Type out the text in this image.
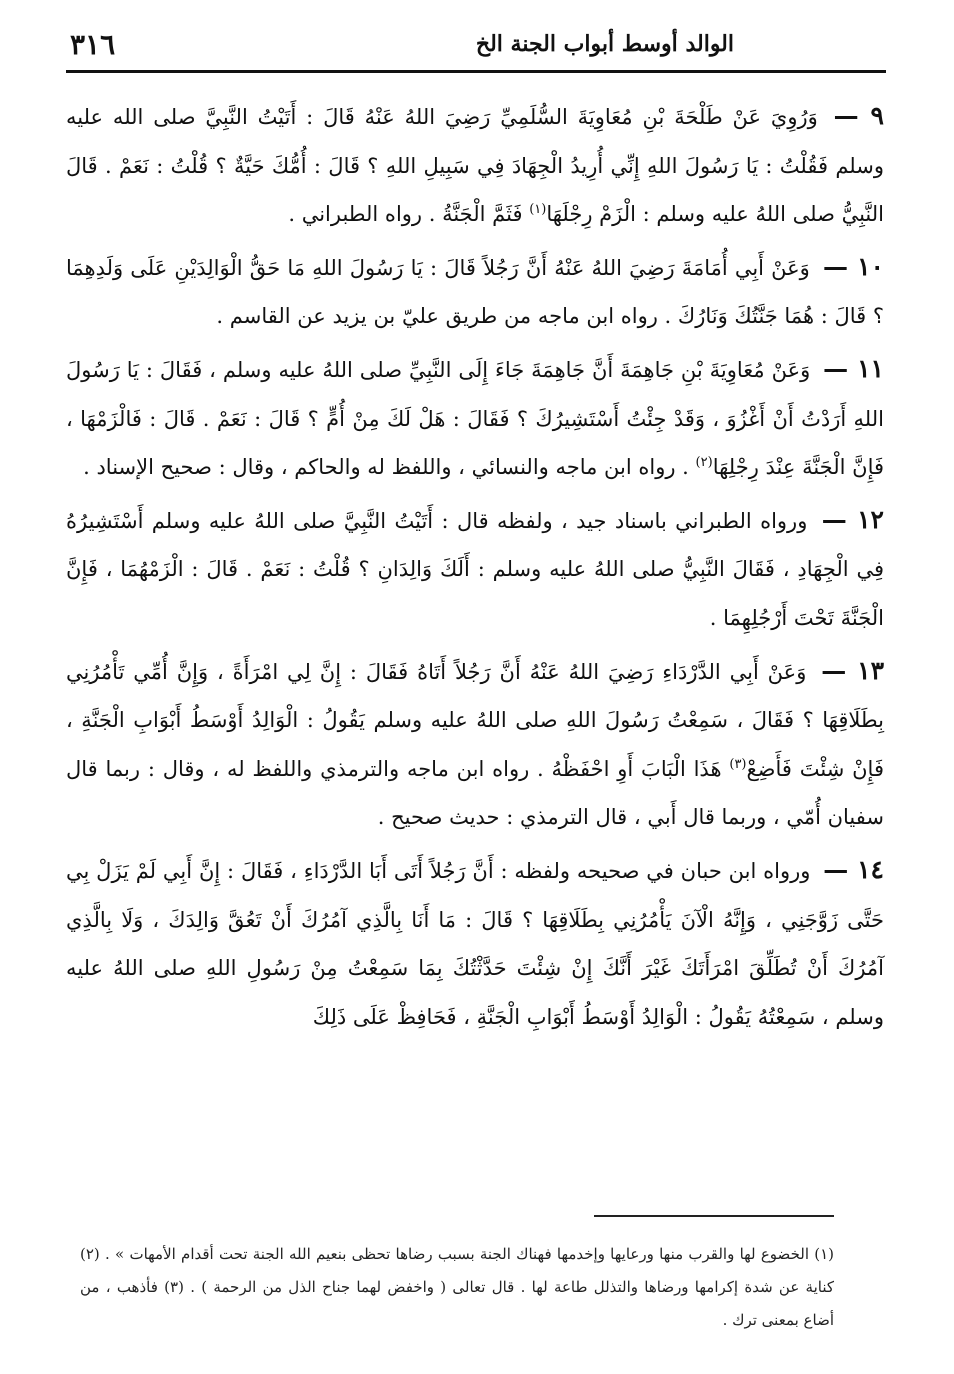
٣١٦	الوالد أوسط أبواب الجنة الخ

٩ — وَرُوِيَ عَنْ طَلْحَةَ بْنِ مُعَاوِيَةَ السُّلَمِيِّ رَضِيَ اللهُ عَنْهُ قَالَ : أَتَيْتُ النَّبِيَّ صلى الله عليه وسلم فَقُلْتُ : يَا رَسُولَ اللهِ إِنِّي أُرِيدُ الْجِهَادَ فِي سَبِيلِ اللهِ ؟ قَالَ : أُمُّكَ حَيَّةٌ ؟ قُلْتُ : نَعَمْ . قَالَ النَّبِيُّ صلى اللهُ عليه وسلم : الْزَمْ رِجْلَهَا$^{(١)}$ فَثَمَّ الْجَنَّةُ . رواه الطبراني .

١٠ — وَعَنْ أَبِي أُمَامَةَ رَضِيَ اللهُ عَنْهُ أَنَّ رَجُلاً قَالَ : يَا رَسُولَ اللهِ مَا حَقُّ الْوَالِدَيْنِ عَلَى وَلَدِهِمَا ؟ قَالَ : هُمَا جَنَّتُكَ وَنَارُكَ . رواه ابن ماجه من طريق عليّ بن يزيد عن القاسم .

١١ — وَعَنْ مُعَاوِيَةَ بْنِ جَاهِمَةَ أَنَّ جَاهِمَةَ جَاءَ إِلَى النَّبِيِّ صلى اللهُ عليه وسلم ، فَقَالَ : يَا رَسُولَ اللهِ أَرَدْتُ أَنْ أَغْزُوَ ، وَقَدْ جِئْتُ أَسْتَشِيرُكَ ؟ فَقَالَ : هَلْ لَكَ مِنْ أُمٍّ ؟ قَالَ : نَعَمْ . قَالَ : فَالْزَمْهَا ، فَإِنَّ الْجَنَّةَ عِنْدَ رِجْلِهَا$^{(٢)}$ . رواه ابن ماجه والنسائي ، واللفظ له والحاكم ، وقال : صحيح الإسناد .

١٢ — ورواه الطبراني باسناد جيد ، ولفظه قال : أَتَيْتُ النَّبِيَّ صلى اللهُ عليه وسلم أَسْتَشِيرُهُ فِي الْجِهَادِ ، فَقَالَ النَّبِيُّ صلى اللهُ عليه وسلم : أَلَكَ وَالِدَانِ ؟ قُلْتُ : نَعَمْ . قَالَ : الْزَمْهُمَا ، فَإِنَّ الْجَنَّةَ تَحْتَ أَرْجُلِهِمَا .

١٣ — وَعَنْ أَبِي الدَّرْدَاءِ رَضِيَ اللهُ عَنْهُ أَنَّ رَجُلاً أَتَاهُ فَقَالَ : إِنَّ لِي امْرَأَةً ، وَإِنَّ أُمِّي تَأْمُرُنِي بِطَلَاقِهَا ؟ فَقَالَ ، سَمِعْتُ رَسُولَ اللهِ صلى اللهُ عليه وسلم يَقُولُ : الْوَالِدُ أَوْسَطُ أَبْوَابِ الْجَنَّةِ ، فَإِنْ شِئْتَ فَأَضِعْ$^{(٣)}$ هَذَا الْبَابَ أَوِ احْفَظْهُ . رواه ابن ماجه والترمذي واللفظ له ، وقال : ربما قال سفيان أُمّي ، وربما قال أَبي ، قال الترمذي : حديث صحيح .

١٤ — ورواه ابن حبان في صحيحه ولفظه : أَنَّ رَجُلاً أَتَى أَبَا الدَّرْدَاءِ ، فَقَالَ : إِنَّ أَبِي لَمْ يَزَلْ بِي حَتَّى زَوَّجَنِي ، وَإِنَّهُ الْآنَ يَأْمُرُنِي بِطَلَاقِهَا ؟ قَالَ : مَا أَنَا بِالَّذِي آمُرُكَ أَنْ تَعُقَّ وَالِدَكَ ، وَلَا بِالَّذِي آمُرُكَ أَنْ تُطَلِّقَ امْرَأَتَكَ غَيْرَ أَنَّكَ إِنْ شِئْتَ حَدَّثْتُكَ بِمَا سَمِعْتُ مِنْ رَسُولِ اللهِ صلى اللهُ عليه وسلم ، سَمِعْتُهُ يَقُولُ : الْوَالِدُ أَوْسَطُ أَبْوَابِ الْجَنَّةِ ، فَحَافِظْ عَلَى ذَلِكَ

(١) الخضوع لها والقرب منها ورعايها وإخدمها فهناك الجنة بسبب رضاها تحظى بنعيم الله الجنة تحت أقدام الأمهات » . (٢) كناية عن شدة إكرامها ورضاها والتذلل طاعة لها . قال تعالى ( واخفض لهما جناح الذل من الرحمة ) . (٣) فأذهب ، من أضاع بمعنى ترك .
